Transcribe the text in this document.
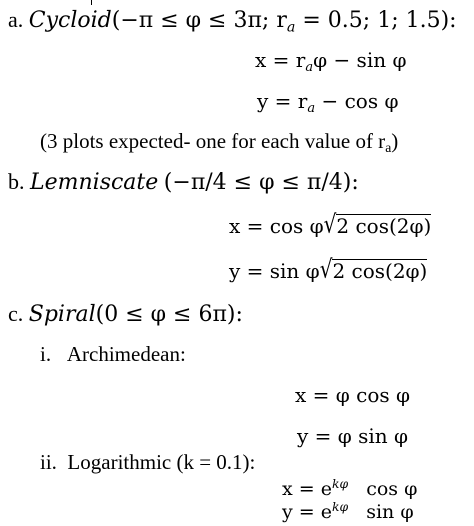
a. Cycloid(−π ≤ φ ≤ 3π; $r_a = 0.5$; 1; 1.5):
$x = r_a\varphi - \sin \varphi$
$y = r_a - \cos \varphi$
(3 plots expected- one for each value of $r_a$)
b. Lemniscate (−π/4 ≤ φ ≤ π/4):
x = cos φ√2 cos(2φ)
y = sin φ√2 cos(2φ)
c. Spiral(0 ≤ φ ≤ 6π):
i. Archimedean:
x = φ cos φ
y = φ sin φ
ii. Logarithmic (k = 0.1):
$x = e^{k\varphi}$ cos φ
$y = e^{k\varphi}$ sin φ
